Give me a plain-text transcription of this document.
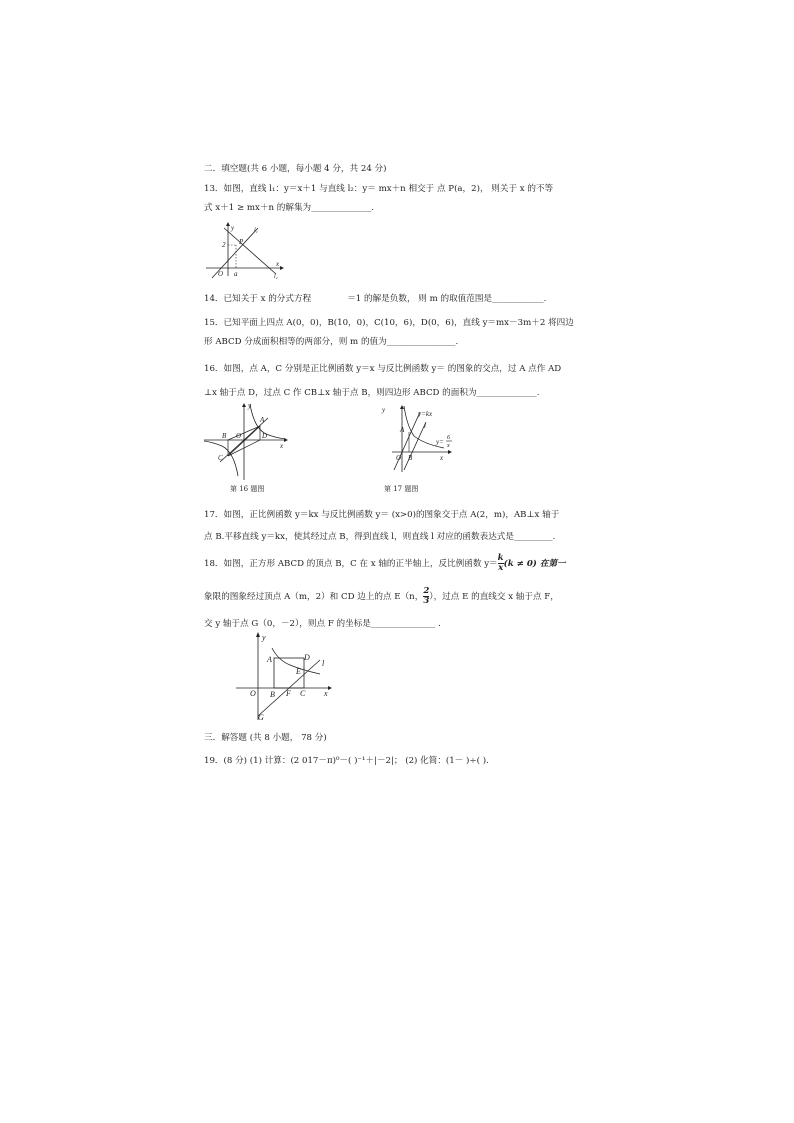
二．填空题(共 6 小题，每小题 4 分，共 24 分)
13．如图，直线 l₁：y＝x＋1 与直线 l₂：y＝ mx＋n 相交于 点 P(a，2)， 则关于 x 的不等
式 x＋1 ≥ mx＋n 的解集为______________.
y
2 P
O a
x
l₁
l₂
14．已知关于 x 的分式方程	＝1 的解是负数， 则 m 的取值范围是____________.
15．已知平面上四点 A(0，0)，B(10，0)，C(10，6)，D(0，6)，直线 y＝mx－3m＋2 将四边
形 ABCD 分成面积相等的两部分，则 m 的值为________________.
16．如图，点 A，C 分别是正比例函数 y＝x 与反比例函数 y＝ 的图象的交点，过 A 点作 AD
⊥x 轴于点 D，过点 C 作 CB⊥x 轴于点 B，则四边形 ABCD 的面积为______________.
A
y
B O	D
C
x
第 16 题图
y=kx
y
A	l
O B	x
y= 6
x
第 17 题图
17．如图，正比例函数 y＝kx 与反比例函数 y＝ (x>0)的图象交于点 A(2，m)，AB⊥x 轴于
点 B.平移直线 y＝kx，使其经过点 B，得到直线 l，则直线 l 对应的函数表达式是_________.
18．如图，正方形 ABCD 的顶点 B，C 在 x 轴的正半轴上，反比例函数 $y= \frac{k}{x} (k \ne 0)$ 在第一
象限的图象经过顶点 A（m，2）和 CD 边上的点 E（n， $\frac{2}{3}$ ），过点 E 的直线交 x 轴于点 F，
交 y 轴于点 G（0，－2），则点 F 的坐标是_______________ .
y
A	D
l
E
O B F C x
G
三．解答题 (共 8 小题， 78 分)
19．(8 分) (1) 计算：(2 017－π)⁰－( )⁻¹＋|－2|； (2) 化简：(1－ )÷( ).
